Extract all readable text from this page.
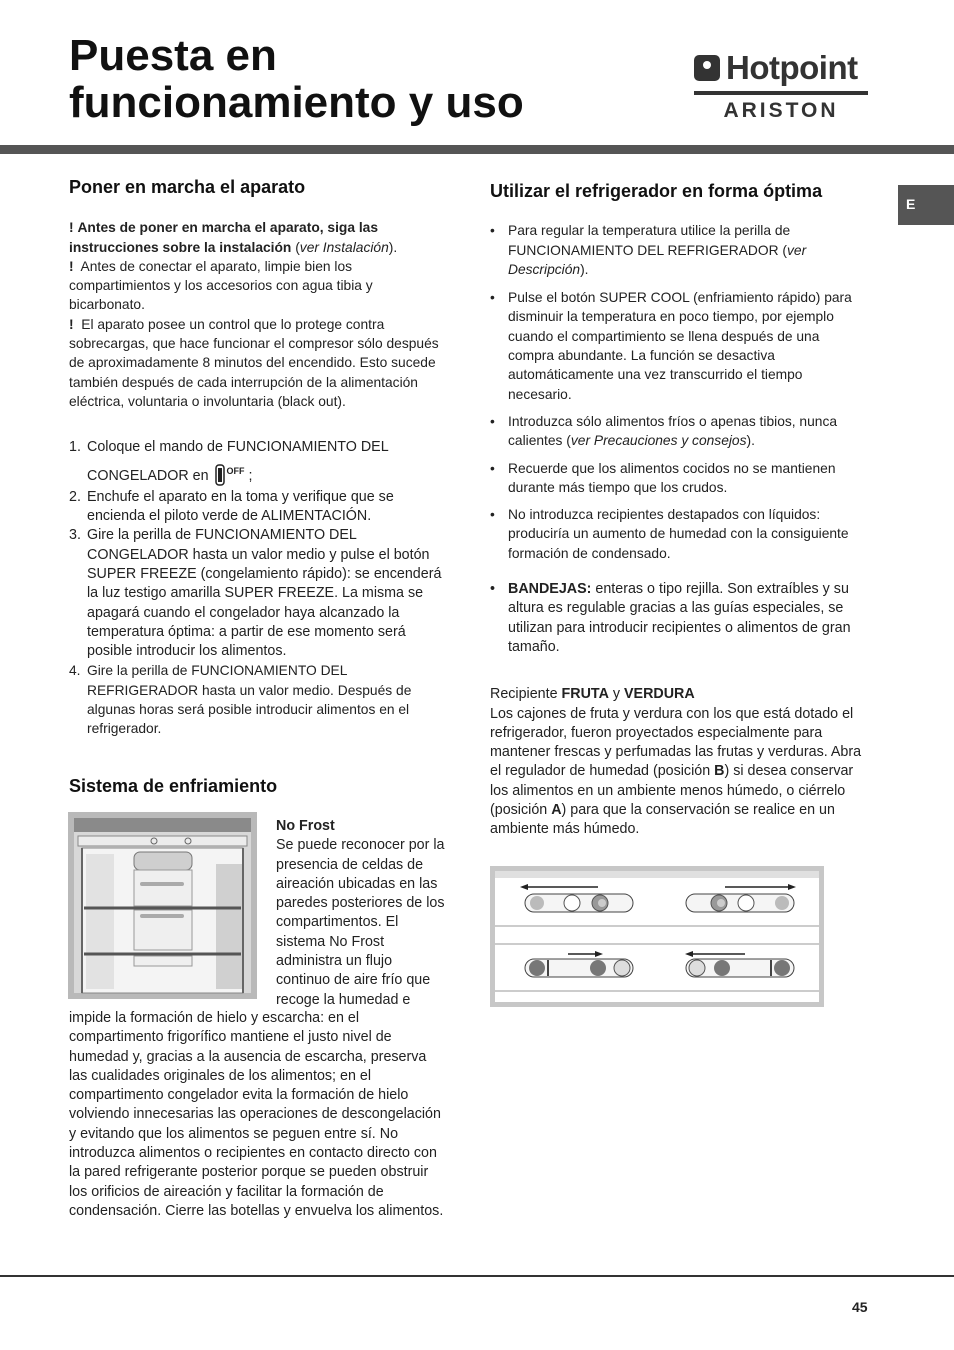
Puesta en
funcionamiento y uso
Hotpoint
ARISTON
E
Poner en marcha el aparato

! Antes de poner en marcha el aparato, siga las instrucciones sobre la instalación (ver Instalación).

! Antes de conectar el aparato, limpie bien los compartimientos y los accesorios con agua tibia y bicarbonato.

! El aparato posee un control que lo protege contra sobrecargas, que hace funcionar el compresor sólo después de aproximadamente 8 minutos del encendido. Esto sucede también después de cada interrupción de la alimentación eléctrica, voluntaria o involuntaria (black out).

1. Coloque el mando de FUNCIONAMIENTO DEL CONGELADOR en $^{OFF}$ ;
2. Enchufe el aparato en la toma y verifique que se encienda el piloto verde de ALIMENTACIÓN.
3. Gire la perilla de FUNCIONAMIENTO DEL CONGELADOR hasta un valor medio y pulse el botón SUPER FREEZE (congelamiento rápido): se encenderá la luz testigo amarilla SUPER FREEZE. La misma se apagará cuando el congelador haya alcanzado la temperatura óptima: a partir de ese momento será posible introducir los alimentos.
4. Gire la perilla de FUNCIONAMIENTO DEL REFRIGERADOR hasta un valor medio. Después de algunas horas será posible introducir alimentos en el refrigerador.
Sistema de enfriamiento

No Frost

Se puede reconocer por la presencia de celdas de aireación ubicadas en las paredes posteriores de los compartimentos. El sistema No Frost administra un flujo continuo de aire frío que recoge la humedad e

impide la formación de hielo y escarcha: en el compartimento frigorífico mantiene el justo nivel de humedad y, gracias a la ausencia de escarcha, preserva las cualidades originales de los alimentos; en el compartimento congelador evita la formación de hielo volviendo innecesarias las operaciones de descongelación y evitando que los alimentos se peguen entre sí. No introduzca alimentos o recipientes en contacto directo con la pared refrigerante posterior porque se pueden obstruir los orificios de aireación y facilitar la formación de condensación. Cierre las botellas y envuelva los alimentos.

Utilizar el refrigerador en forma óptima
• Para regular la temperatura utilice la perilla de FUNCIONAMIENTO DEL REFRIGERADOR (ver Descripción).
• Pulse el botón SUPER COOL (enfriamiento rápido) para disminuir la temperatura en poco tiempo, por ejemplo cuando el compartimiento se llena después de una compra abundante. La función se desactiva automáticamente una vez transcurrido el tiempo necesario.
• Introduzca sólo alimentos fríos o apenas tibios, nunca calientes (ver Precauciones y consejos).
• Recuerde que los alimentos cocidos no se mantienen durante más tiempo que los crudos.
• No introduzca recipientes destapados con líquidos: produciría un aumento de humedad con la consiguiente formación de condensado.
• BANDEJAS: enteras o tipo rejilla. Son extraíbles y su altura es regulable gracias a las guías especiales, se utilizan para introducir recipientes o alimentos de gran tamaño.

Recipiente FRUTA y VERDURA

Los cajones de fruta y verdura con los que está dotado el refrigerador, fueron proyectados especialmente para mantener frescas y perfumadas las frutas y verduras. Abra el regulador de humedad (posición B) si desea conservar los alimentos en un ambiente menos húmedo, o ciérrelo (posición A) para que la conservación se realice en un ambiente más húmedo.

45
